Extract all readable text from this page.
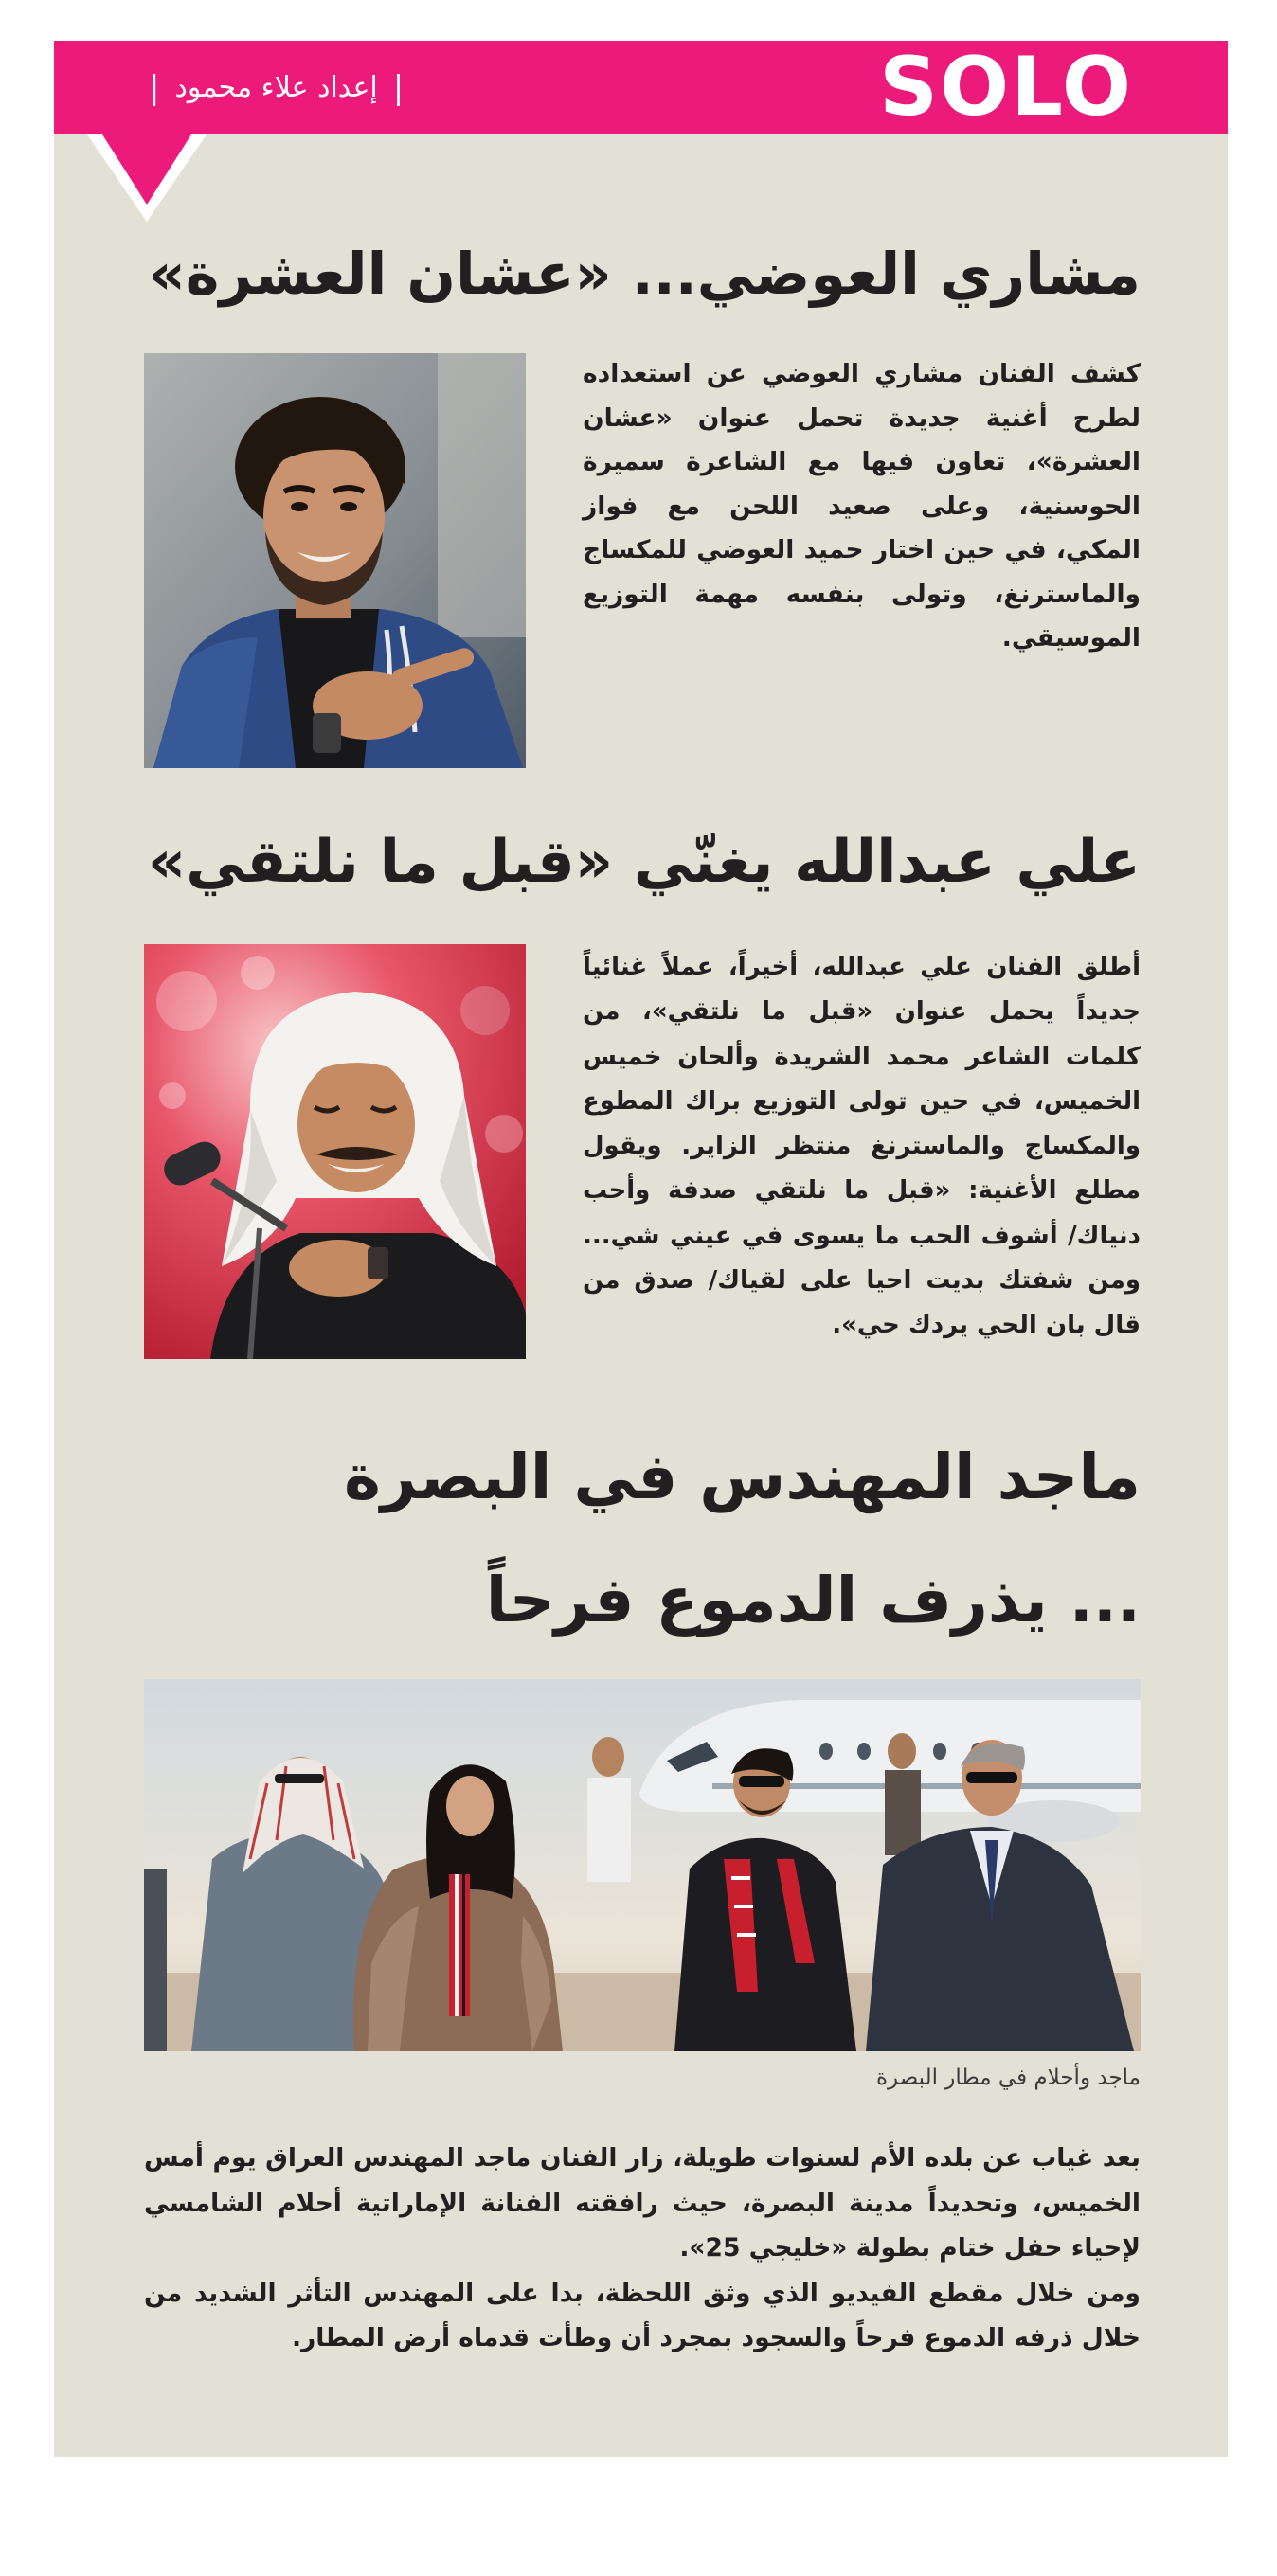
| إعداد علاء محمود |	SOLO
مشاري العوضي... «عشان العشرة»
كشف الفنان مشاري العوضي عن استعداده
لطرح أغنية جديدة تحمل عنوان «عشان
العشرة»، تعاون فيها مع الشاعرة سميرة
الحوسنية، وعلى صعيد اللحن مع فواز
المكي، في حين اختار حميد العوضي للمكساج
والماسترنغ، وتولى بنفسه مهمة التوزيع
الموسيقي.
علي عبدالله يغنّي «قبل ما نلتقي»
أطلق الفنان علي عبدالله، أخيراً، عملاً غنائياً
جديداً يحمل عنوان «قبل ما نلتقي»، من
كلمات الشاعر محمد الشريدة وألحان خميس
الخميس، في حين تولى التوزيع براك المطوع
والمكساج والماسترنغ منتظر الزاير. ويقول
مطلع الأغنية: «قبل ما نلتقي صدفة وأحب
دنياك/ أشوف الحب ما يسوى في عيني شي...
ومن شفتك بديت احيا على لقياك/ صدق من
قال بان الحي يردك حي».
ماجد المهندس في البصرة
... يذرف الدموع فرحاً
ماجد وأحلام في مطار البصرة
بعد غياب عن بلده الأم لسنوات طويلة، زار الفنان ماجد المهندس العراق يوم أمس
الخميس، وتحديداً مدينة البصرة، حيث رافقته الفنانة الإماراتية أحلام الشامسي
لإحياء حفل ختام بطولة «خليجي 25».
ومن خلال مقطع الفيديو الذي وثق اللحظة، بدا على المهندس التأثر الشديد من
خلال ذرفه الدموع فرحاً والسجود بمجرد أن وطأت قدماه أرض المطار.
